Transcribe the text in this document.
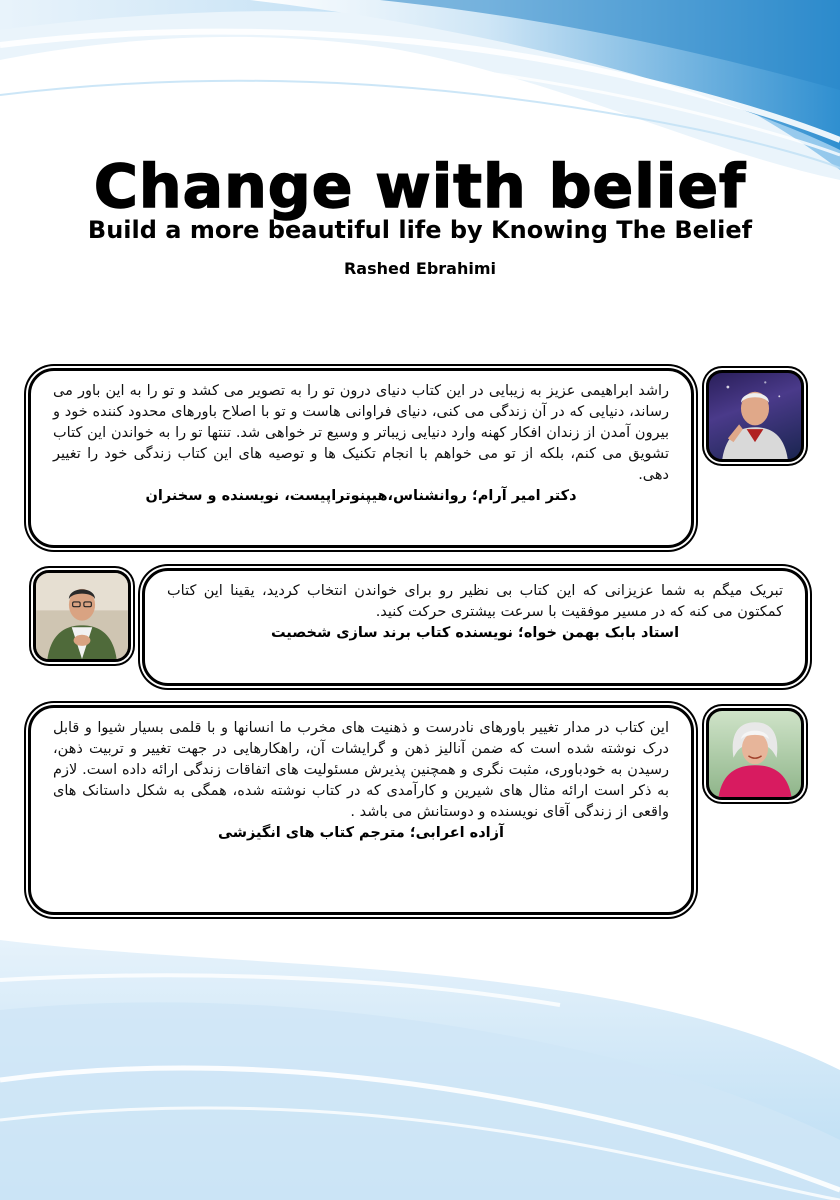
Change with belief
Build a more beautiful life by Knowing The Belief
Rashed Ebrahimi
راشد ابراهیمی عزیز به زیبایی در این کتاب دنیای درون تو را به تصویر می کشد و تو را به این باور می رساند، دنیایی که در آن زندگی می کنی، دنیای فراوانی هاست و تو با اصلاح باورهای محدود کننده خود و بیرون آمدن از زندان افکار کهنه وارد دنیایی زیباتر و وسیع تر خواهی شد. تنتها تو را به خواندن این کتاب تشویق می کنم، بلکه از تو می خواهم با انجام تکنیک ها و توصیه های این کتاب زندگی خود را تغییر دهی.
دکتر امیر آرام؛ روانشناس،هیپنوتراپیست، نویسنده و سخنران
تبریک میگم به شما عزیزانی که این کتاب بی نظیر رو برای خواندن انتخاب کردید، یقینا این کتاب کمکتون می کنه که در مسیر موفقیت با سرعت بیشتری حرکت کنید.
استاد بابک بهمن خواه؛ نویسنده کتاب برند سازی شخصیت
این کتاب در مدار تغییر باورهای نادرست و ذهنیت های مخرب ما انسانها و با قلمی بسیار شیوا و قابل درک نوشته شده است که ضمن آنالیز ذهن و گرایشات آن، راهکارهایی در جهت تغییر و تربیت ذهن، رسیدن به خودباوری، مثبت نگری و همچنین پذیرش مسئولیت های اتفاقات زندگی ارائه داده است. لازم به ذکر است ارائه مثال های شیرین و کارآمدی که در کتاب نوشته شده، همگی به شکل داستانک های واقعی از زندگی آقای نویسنده و دوستانش می باشد .
آزاده اعرابی؛ مترجم کتاب های انگیزشی
